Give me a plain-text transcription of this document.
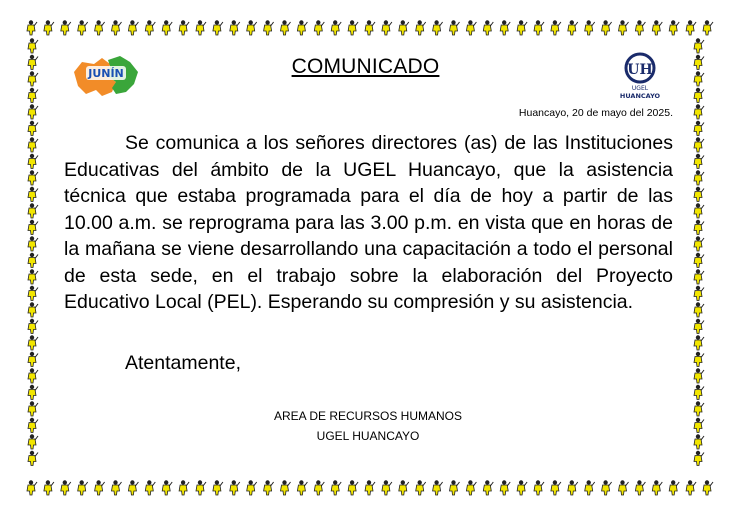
JUNÍN	UH
UGEL
HUANCAYO
COMUNICADO
Huancayo, 20 de mayo del 2025.

Se comunica a los señores directores (as) de las Instituciones Educativas del ámbito de la UGEL Huancayo, que la asistencia técnica que estaba programada para el día de hoy a partir de las 10.00 a.m. se reprograma para las 3.00 p.m. en vista que en horas de la mañana se viene desarrollando una capacitación a todo el personal de esta sede, en el trabajo sobre la elaboración del Proyecto Educativo Local (PEL). Esperando su compresión y su asistencia.

Atentamente,

AREA DE RECURSOS HUMANOS
UGEL HUANCAYO
